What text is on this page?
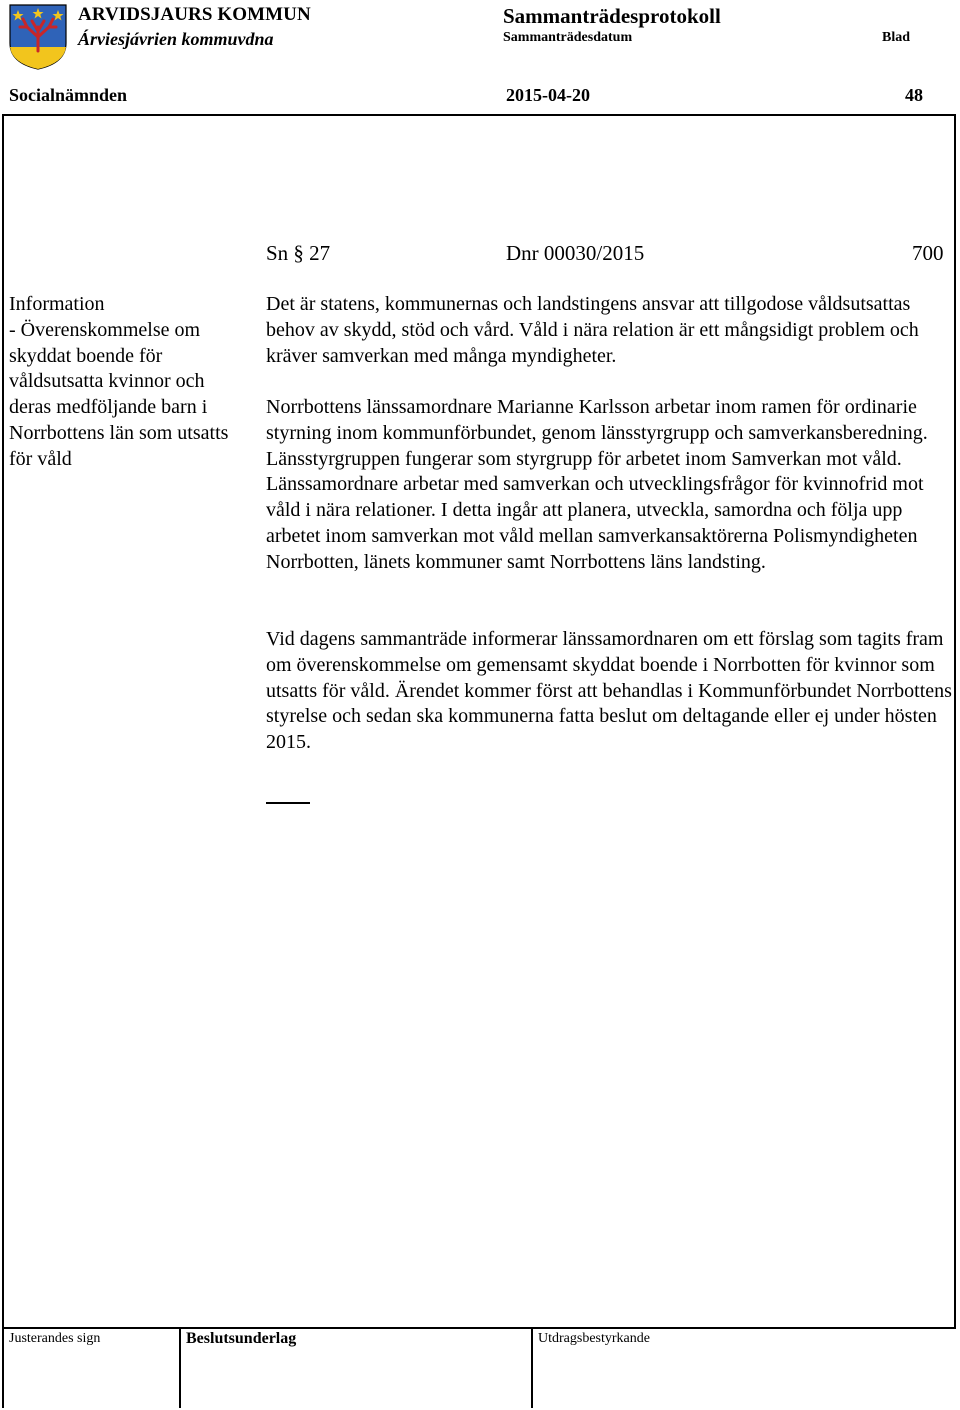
ARVIDSJAURS KOMMUN
Árviesjávrien kommuvdna
Sammanträdesprotokoll
Sammanträdesdatum	Blad
Socialnämnden	2015-04-20	48
Sn § 27	Dnr 00030/2015	700
Information
- Överenskommelse om
skyddat boende för
våldsutsatta kvinnor och
deras medföljande barn i
Norrbottens län som utsatts
för våld

Det är statens, kommunernas och landstingens ansvar att tillgodose våldsutsattas behov av skydd, stöd och vård. Våld i nära relation är ett mångsidigt problem och kräver samverkan med många myndigheter.

Norrbottens länssamordnare Marianne Karlsson arbetar inom ramen för ordinarie styrning inom kommunförbundet, genom länsstyrgrupp och samverkansberedning. Länsstyrgruppen fungerar som styrgrupp för arbetet inom Samverkan mot våld. Länssamordnare arbetar med samverkan och utvecklingsfrågor för kvinnofrid mot våld i nära relationer. I detta ingår att planera, utveckla, samordna och följa upp arbetet inom samverkan mot våld mellan samverkansaktörerna Polismyndigheten Norrbotten, länets kommuner samt Norrbottens läns landsting.

Vid dagens sammanträde informerar länssamordnaren om ett förslag som tagits fram om överenskommelse om gemensamt skyddat boende i Norrbotten för kvinnor som utsatts för våld. Ärendet kommer först att behandlas i Kommunförbundet Norrbottens styrelse och sedan ska kommunerna fatta beslut om deltagande eller ej under hösten 2015.

Justerandes sign	Beslutsunderlag	Utdragsbestyrkande
